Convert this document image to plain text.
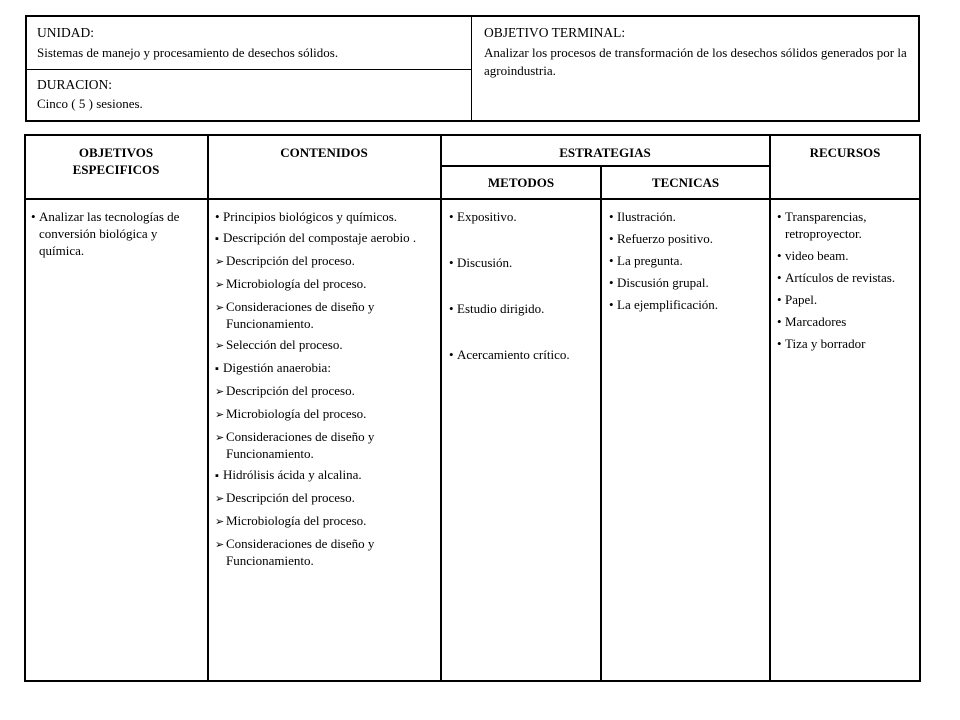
UNIDAD:
Sistemas de manejo y procesamiento de desechos sólidos.
DURACION:
Cinco ( 5 ) sesiones.
OBJETIVO TERMINAL:
Analizar los procesos de transformación de los desechos sólidos generados por la agroindustria.
OBJETIVOS ESPECIFICOS
CONTENIDOS	ESTRATEGIAS
METODOS	TECNICAS
RECURSOS
•
Analizar las tecnologías de conversión biológica y química.
•
Principios biológicos y químicos.
▪
Descripción del compostaje aerobio .
➢
Descripción del proceso.
➢
Microbiología del proceso.
➢
Consideraciones de diseño y Funcionamiento.
➢
Selección del proceso.
▪
Digestión anaerobia:
➢
Descripción del proceso.
➢
Microbiología del proceso.
➢
Consideraciones de diseño y Funcionamiento.
▪
Hidrólisis ácida y alcalina.
➢
Descripción del proceso.
➢
Microbiología del proceso.
➢
Consideraciones de diseño y Funcionamiento.
•
Expositivo.
•
Discusión.
•
Estudio dirigido.
•
Acercamiento crítico.
•
Ilustración.
•
Refuerzo positivo.
•
La pregunta.
•
Discusión grupal.
•
La ejemplificación.
•
Transparencias, retroproyector.
•
video beam.
•
Artículos de revistas.
•
Papel.
•
Marcadores
•
Tiza y borrador
